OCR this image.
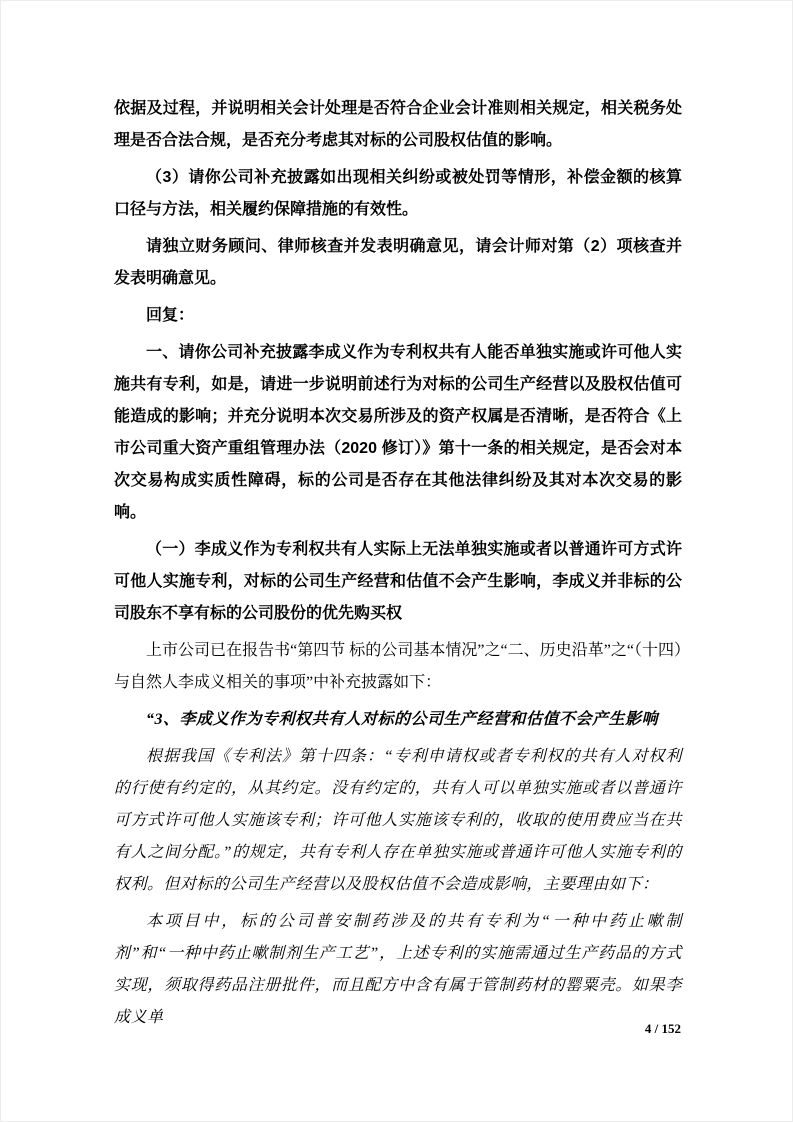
依据及过程，并说明相关会计处理是否符合企业会计准则相关规定，相关税务处理是否合法合规，是否充分考虑其对标的公司股权估值的影响。

（3）请你公司补充披露如出现相关纠纷或被处罚等情形，补偿金额的核算口径与方法，相关履约保障措施的有效性。

请独立财务顾问、律师核查并发表明确意见，请会计师对第（2）项核查并发表明确意见。

回复：

一、请你公司补充披露李成义作为专利权共有人能否单独实施或许可他人实施共有专利，如是，请进一步说明前述行为对标的公司生产经营以及股权估值可能造成的影响；并充分说明本次交易所涉及的资产权属是否清晰，是否符合《上市公司重大资产重组管理办法（2020 修订）》第十一条的相关规定，是否会对本次交易构成实质性障碍，标的公司是否存在其他法律纠纷及其对本次交易的影响。

（一）李成义作为专利权共有人实际上无法单独实施或者以普通许可方式许可他人实施专利，对标的公司生产经营和估值不会产生影响，李成义并非标的公司股东不享有标的公司股份的优先购买权

上市公司已在报告书“第四节 标的公司基本情况”之“二、历史沿革”之“（十四）与自然人李成义相关的事项”中补充披露如下：

“3、李成义作为专利权共有人对标的公司生产经营和估值不会产生影响

根据我国《专利法》第十四条：“专利申请权或者专利权的共有人对权利的行使有约定的，从其约定。没有约定的，共有人可以单独实施或者以普通许可方式许可他人实施该专利；许可他人实施该专利的，收取的使用费应当在共有人之间分配。”的规定，共有专利人存在单独实施或普通许可他人实施专利的权利。但对标的公司生产经营以及股权估值不会造成影响，主要理由如下：

本项目中，标的公司普安制药涉及的共有专利为“一种中药止嗽制剂”和“一种中药止嗽制剂生产工艺”，上述专利的实施需通过生产药品的方式实现，须取得药品注册批件，而且配方中含有属于管制药材的罂粟壳。如果李成义单

4 / 152
